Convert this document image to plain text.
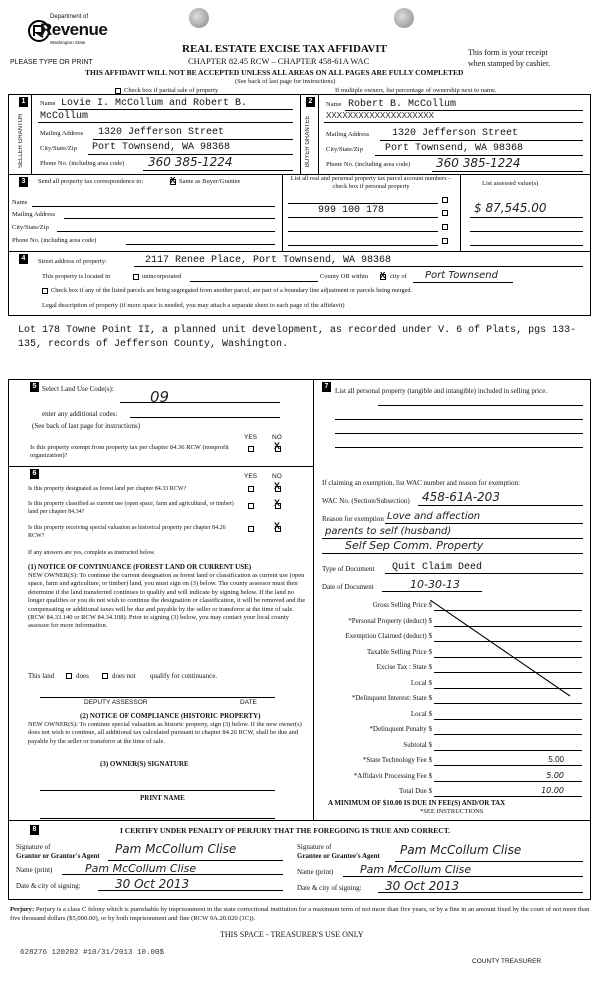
Department of
Revenue
Washington State
PLEASE TYPE OR PRINT
REAL ESTATE EXCISE TAX AFFIDAVIT
CHAPTER 82.45 RCW – CHAPTER 458-61A WAC
This form is your receipt
when stamped by cashier.
THIS AFFIDAVIT WILL NOT BE ACCEPTED UNLESS ALL AREAS ON ALL PAGES ARE FULLY COMPLETED
(See back of last page for instructions)
Check box if partial sale of property	If multiple owners, list percentage of ownership next to name.
1
SELLER GRANTOR
Name Lovie I. McCollum and Robert B.
McCollum
Mailing Address 1320 Jefferson Street
City/State/Zip Port Townsend, WA 98368
Phone No. (including area code) 360 385-1224
2
BUYER GRANTEE
Name Robert B. McCollum
XXXXXXXXXXXXXXXXXXXX
Mailing Address 1320 Jefferson Street
City/State/Zip Port Townsend, WA 98368
Phone No. (including area code) 360 385-1224
3	Send all property tax correspondence to:	X Same as Buyer/Grantee
Name
Mailing Address
City/State/Zip
Phone No. (including area code)
List all real and personal property tax parcel account numbers – check box if personal property
999 100 178
List assessed value(s)
$ 87,545.00
4	Street address of property:	2117 Renee Place, Port Townsend, WA 98368
This property is located in	unincorporated	County OR within X city of Port Townsend
Check box if any of the listed parcels are being segregated from another parcel, are part of a boundary line adjustment or parcels being merged.
Legal description of property (if more space is needed, you may attach a separate sheet to each page of the affidavit)
Lot 178 Towne Point II, a planned unit development, as recorded under V. 6 of Plats, pgs 133-135, records of Jefferson County, Washington.
5 Select Land Use Code(s): 09
enter any additional codes:
(See back of last page for instructions)
YES NO
Is this property exempt from property tax per chapter 84.36 RCW (nonprofit organization)?
X
6	YES NO
Is this property designated as forest land per chapter 84.33 RCW?	X
Is this property classified as current use (open space, farm and agricultural, or timber) land per chapter 84.34?
X
Is this property receiving special valuation as historical property per chapter 84.26 RCW?
X
If any answers are yes, complete as instructed below.
(1) NOTICE OF CONTINUANCE (FOREST LAND OR CURRENT USE)
NEW OWNER(S): To continue the current designation as forest land or classification as current use (open space, farm and agriculture, or timber) land, you must sign on (3) below. The county assessor must then determine if the land transferred continues to qualify and will indicate by signing below. If the land no longer qualifies or you do not wish to continue the designation or classification, it will be removed and the compensating or additional taxes will be due and payable by the seller or transferor at the time of sale. (RCW 84.33.140 or RCW 84.34.108). Prior to signing (3) below, you may contact your local county assessor for more information.
This land	does	does not qualify for continuance.
DEPUTY ASSESSOR	DATE
(2) NOTICE OF COMPLIANCE (HISTORIC PROPERTY)
NEW OWNER(S): To continue special valuation as historic property, sign (3) below. If the new owner(s) does not wish to continue, all additional tax calculated pursuant to chapter 84.26 RCW, shall be due and payable by the seller or transferor at the time of sale.
(3) OWNER(S) SIGNATURE
PRINT NAME
7
List all personal property (tangible and intangible) included in selling price.
If claiming an exemption, list WAC number and reason for exemption:
WAC No. (Section/Subsection) 458-61A-203
Reason for exemption Love and affection
parents to self (husband)
Self Sep Comm. Property
Type of Document Quit Claim Deed
Date of Document	10-30-13
Gross Selling Price $
*Personal Property (deduct) $
Exemption Claimed (deduct) $
Taxable Selling Price $
Excise Tax : State $
Local $
*Delinquent Interest: State $
Local $
*Delinquent Penalty $
Subtotal $
*State Technology Fee $	5.00
*Affidavit Processing Fee $	5.00
Total Due $	10.00
A MINIMUM OF $10.00 IS DUE IN FEE(S) AND/OR TAX
*SEE INSTRUCTIONS
8	I CERTIFY UNDER PENALTY OF PERJURY THAT THE FOREGOING IS TRUE AND CORRECT.
Signature of
Grantor or Grantor's Agent Pam McCollum Clise
Name (print)	Pam McCollum Clise
Date & city of signing:	30 Oct 2013
Signature of
Grantee or Grantee's Agent Pam McCollum Clise
Name (print) Pam McCollum Clise
Date & city of signing: 30 Oct 2013
Perjury: Perjury is a class C felony which is punishable by imprisonment in the state correctional institution for a maximum term of not more than five years, or by a fine in an amount fixed by the court of not more than five thousand dollars ($5,000.00), or by both imprisonment and fine (RCW 9A.20.020 (1C)).
THIS SPACE - TREASURER'S USE ONLY
628276 120202 #10/31/2013 10.00$
COUNTY TREASURER
